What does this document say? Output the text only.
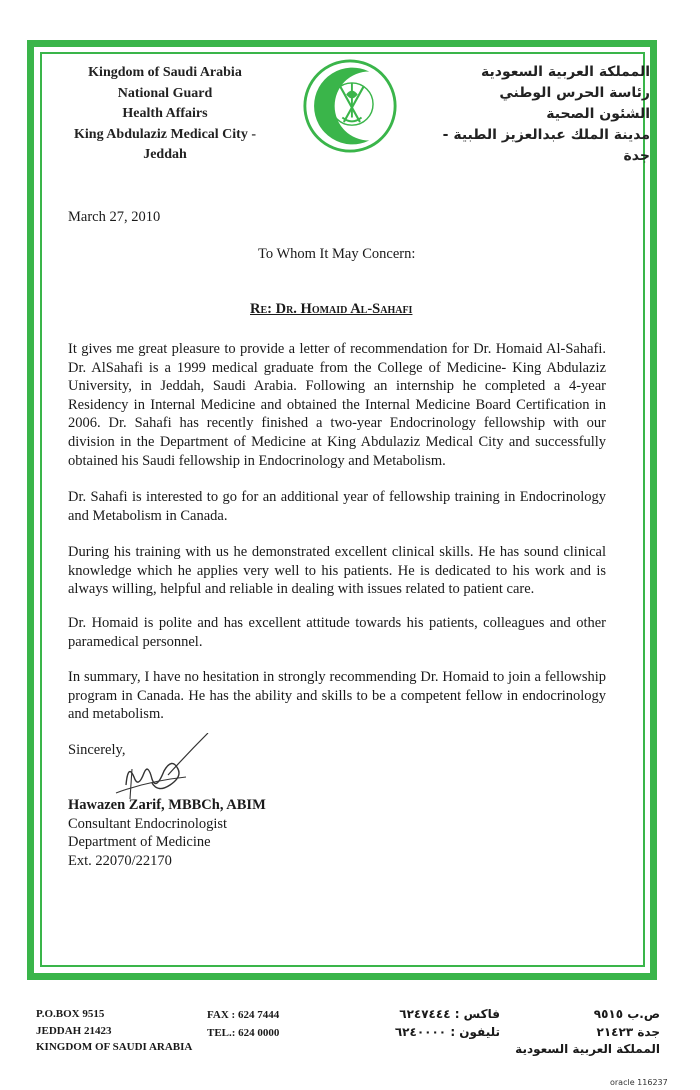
Kingdom of Saudi Arabia
National Guard
Health Affairs
King Abdulaziz Medical City - Jeddah
المملكة العربية السعودية
رئاسة الحرس الوطني
الشئون الصحية
مدينة الملك عبدالعزيز الطبية - جدة
March 27, 2010
To Whom It May Concern:
Re: Dr. Homaid Al-Sahafi

It gives me great pleasure to provide a letter of recommendation for Dr. Homaid Al-Sahafi. Dr. AlSahafi is a 1999 medical graduate from the College of Medicine- King Abdulaziz University, in Jeddah, Saudi Arabia. Following an internship he completed a 4-year Residency in Internal Medicine and obtained the Internal Medicine Board Certification in 2006. Dr. Sahafi has recently finished a two-year Endocrinology fellowship with our division in the Department of Medicine at King Abdulaziz Medical City and successfully obtained his Saudi fellowship in Endocrinology and Metabolism.

Dr. Sahafi is interested to go for an additional year of fellowship training in Endocrinology and Metabolism in Canada.

During his training with us he demonstrated excellent clinical skills. He has sound clinical knowledge which he applies very well to his patients. He is dedicated to his work and is always willing, helpful and reliable in dealing with issues related to patient care.

Dr. Homaid is polite and has excellent attitude towards his patients, colleagues and other paramedical personnel.

In summary, I have no hesitation in strongly recommending Dr. Homaid to join a fellowship program in Canada. He has the ability and skills to be a competent fellow in endocrinology and metabolism.

Sincerely,
Hawazen Zarif, MBBCh, ABIM
Consultant Endocrinologist
Department of Medicine
Ext. 22070/22170
P.O.BOX 9515
JEDDAH 21423
KINGDOM OF SAUDI ARABIA
FAX : 624 7444
TEL.: 624 0000
فاكس : ٦٢٤٧٤٤٤
تليفون : ٦٢٤٠٠٠٠
ص.ب ٩٥١٥
جدة ٢١٤٢٣
المملكة العربية السعودية
oracle 116237
